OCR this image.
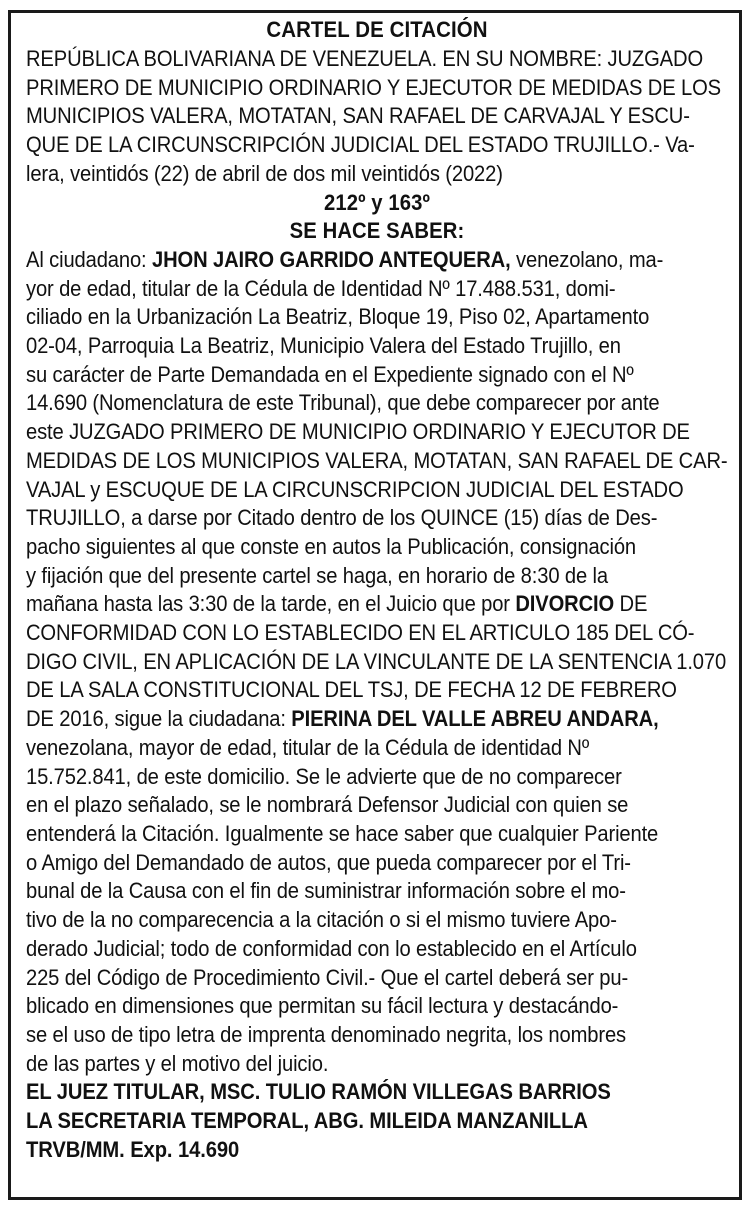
CARTEL DE CITACIÓN
REPÚBLICA BOLIVARIANA DE VENEZUELA. EN SU NOMBRE: JUZGADO
PRIMERO DE MUNICIPIO ORDINARIO Y EJECUTOR DE MEDIDAS DE LOS
MUNICIPIOS VALERA, MOTATAN, SAN RAFAEL DE CARVAJAL Y ESCU-
QUE DE LA CIRCUNSCRIPCIÓN JUDICIAL DEL ESTADO TRUJILLO.- Va-
lera, veintidós (22) de abril de dos mil veintidós (2022)
212º y 163º
SE HACE SABER:
Al ciudadano: JHON JAIRO GARRIDO ANTEQUERA, venezolano, ma-
yor de edad, titular de la Cédula de Identidad Nº 17.488.531, domi-
ciliado en la Urbanización La Beatriz, Bloque 19, Piso 02, Apartamento
02-04, Parroquia La Beatriz, Municipio Valera del Estado Trujillo, en
su carácter de Parte Demandada en el Expediente signado con el Nº
14.690 (Nomenclatura de este Tribunal), que debe comparecer por ante
este JUZGADO PRIMERO DE MUNICIPIO ORDINARIO Y EJECUTOR DE
MEDIDAS DE LOS MUNICIPIOS VALERA, MOTATAN, SAN RAFAEL DE CAR-
VAJAL y ESCUQUE DE LA CIRCUNSCRIPCION JUDICIAL DEL ESTADO
TRUJILLO, a darse por Citado dentro de los QUINCE (15) días de Des-
pacho siguientes al que conste en autos la Publicación, consignación
y fijación que del presente cartel se haga, en horario de 8:30 de la
mañana hasta las 3:30 de la tarde, en el Juicio que por DIVORCIO DE
CONFORMIDAD CON LO ESTABLECIDO EN EL ARTICULO 185 DEL CÓ-
DIGO CIVIL, EN APLICACIÓN DE LA VINCULANTE DE LA SENTENCIA 1.070
DE LA SALA CONSTITUCIONAL DEL TSJ, DE FECHA 12 DE FEBRERO
DE 2016, sigue la ciudadana: PIERINA DEL VALLE ABREU ANDARA,
venezolana, mayor de edad, titular de la Cédula de identidad Nº
15.752.841, de este domicilio. Se le advierte que de no comparecer
en el plazo señalado, se le nombrará Defensor Judicial con quien se
entenderá la Citación. Igualmente se hace saber que cualquier Pariente
o Amigo del Demandado de autos, que pueda comparecer por el Tri-
bunal de la Causa con el fin de suministrar información sobre el mo-
tivo de la no comparecencia a la citación o si el mismo tuviere Apo-
derado Judicial; todo de conformidad con lo establecido en el Artículo
225 del Código de Procedimiento Civil.- Que el cartel deberá ser pu-
blicado en dimensiones que permitan su fácil lectura y destacándo-
se el uso de tipo letra de imprenta denominado negrita, los nombres
de las partes y el motivo del juicio.
EL JUEZ TITULAR, MSC. TULIO RAMÓN VILLEGAS BARRIOS
LA SECRETARIA TEMPORAL, ABG. MILEIDA MANZANILLA
TRVB/MM. Exp. 14.690
